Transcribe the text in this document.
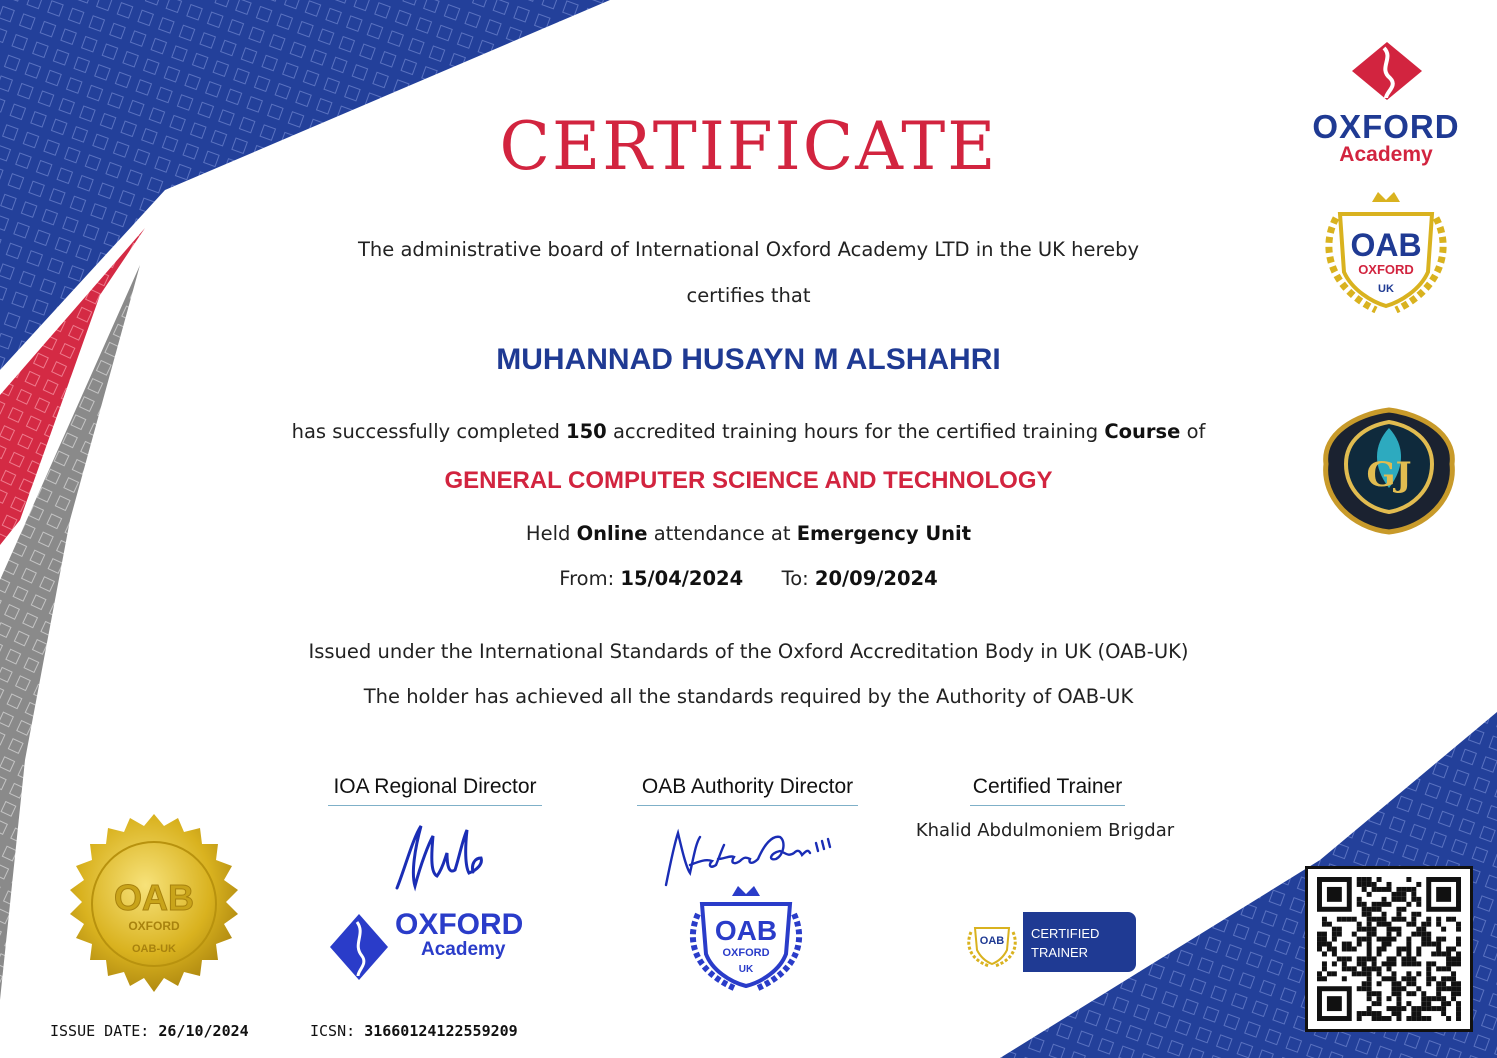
CERTIFICATE
The administrative board of International Oxford Academy LTD in the UK hereby
certifies that
MUHANNAD HUSAYN M ALSHAHRI
has successfully completed 150 accredited training hours for the certified training Course of
GENERAL COMPUTER SCIENCE AND TECHNOLOGY
Held Online attendance at Emergency Unit
From: 15/04/2024 To: 20/09/2024
Issued under the International Standards of the Oxford Accreditation Body in UK (OAB-UK)
The holder has achieved all the standards required by the Authority of OAB-UK
IOA Regional Director	OAB Authority Director	Certified Trainer
Khalid Abdulmoniem Brigdar
OXFORD
Academy
OAB
OXFORD
UK
GJ
OAB
OXFORD
OAB-UK
OXFORD
Academy
OAB
OXFORD
UK
OAB CERTIFIED
TRAINER
ISSUE DATE: 26/10/2024	ICSN: 31660124122559209
